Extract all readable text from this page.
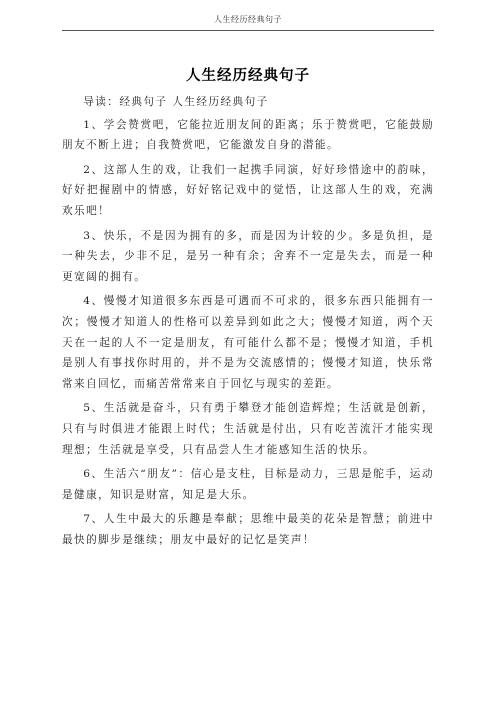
人生经历经典句子
人生经历经典句子

导读：经典句子 人生经历经典句子

1、学会赞赏吧，它能拉近朋友间的距离；乐于赞赏吧，它能鼓励朋友不断上进；自我赞赏吧，它能激发自身的潜能。

2、这部人生的戏，让我们一起携手同演，好好珍惜途中的韵味，好好把握剧中的情感，好好铭记戏中的觉悟，让这部人生的戏，充满欢乐吧！

3、快乐，不是因为拥有的多，而是因为计较的少。多是负担，是一种失去，少非不足，是另一种有余；舍弃不一定是失去，而是一种更宽阔的拥有。

4、慢慢才知道很多东西是可遇而不可求的，很多东西只能拥有一次；慢慢才知道人的性格可以差异到如此之大；慢慢才知道，两个天天在一起的人不一定是朋友，有可能什么都不是；慢慢才知道，手机是别人有事找你时用的，并不是为交流感情的；慢慢才知道，快乐常常来自回忆，而痛苦常常来自于回忆与现实的差距。

5、生活就是奋斗，只有勇于攀登才能创造辉煌；生活就是创新，只有与时俱进才能跟上时代；生活就是付出，只有吃苦流汗才能实现理想；生活就是享受，只有品尝人生才能感知生活的快乐。

6、生活六“朋友”：信心是支柱，目标是动力，三思是舵手，运动是健康，知识是财富，知足是大乐。

7、人生中最大的乐趣是奉献；思维中最美的花朵是智慧；前进中最快的脚步是继续；朋友中最好的记忆是笑声！
